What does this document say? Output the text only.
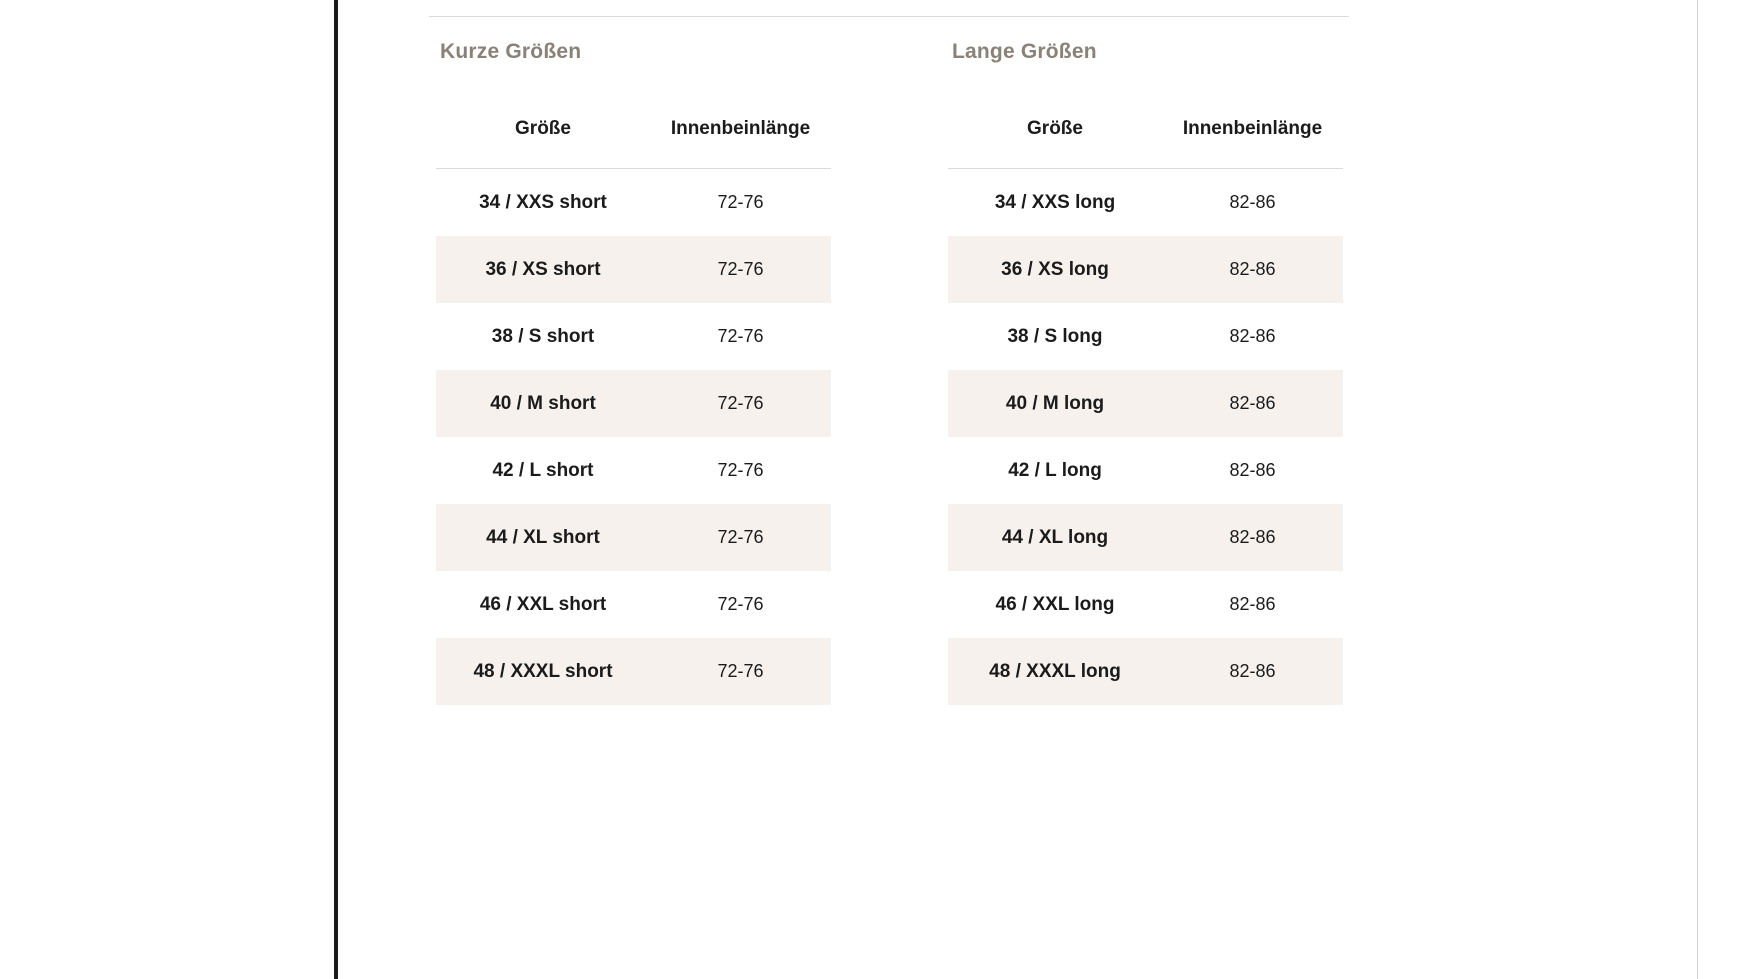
Kurze Größen
Größe	Innenbeinlänge
34 / XXS short	72-76
36 / XS short	72-76
38 / S short	72-76
40 / M short	72-76
42 / L short	72-76
44 / XL short	72-76
46 / XXL short	72-76
48 / XXXL short	72-76
Lange Größen
Größe	Innenbeinlänge
34 / XXS long	82-86
36 / XS long	82-86
38 / S long	82-86
40 / M long	82-86
42 / L long	82-86
44 / XL long	82-86
46 / XXL long	82-86
48 / XXXL long	82-86
